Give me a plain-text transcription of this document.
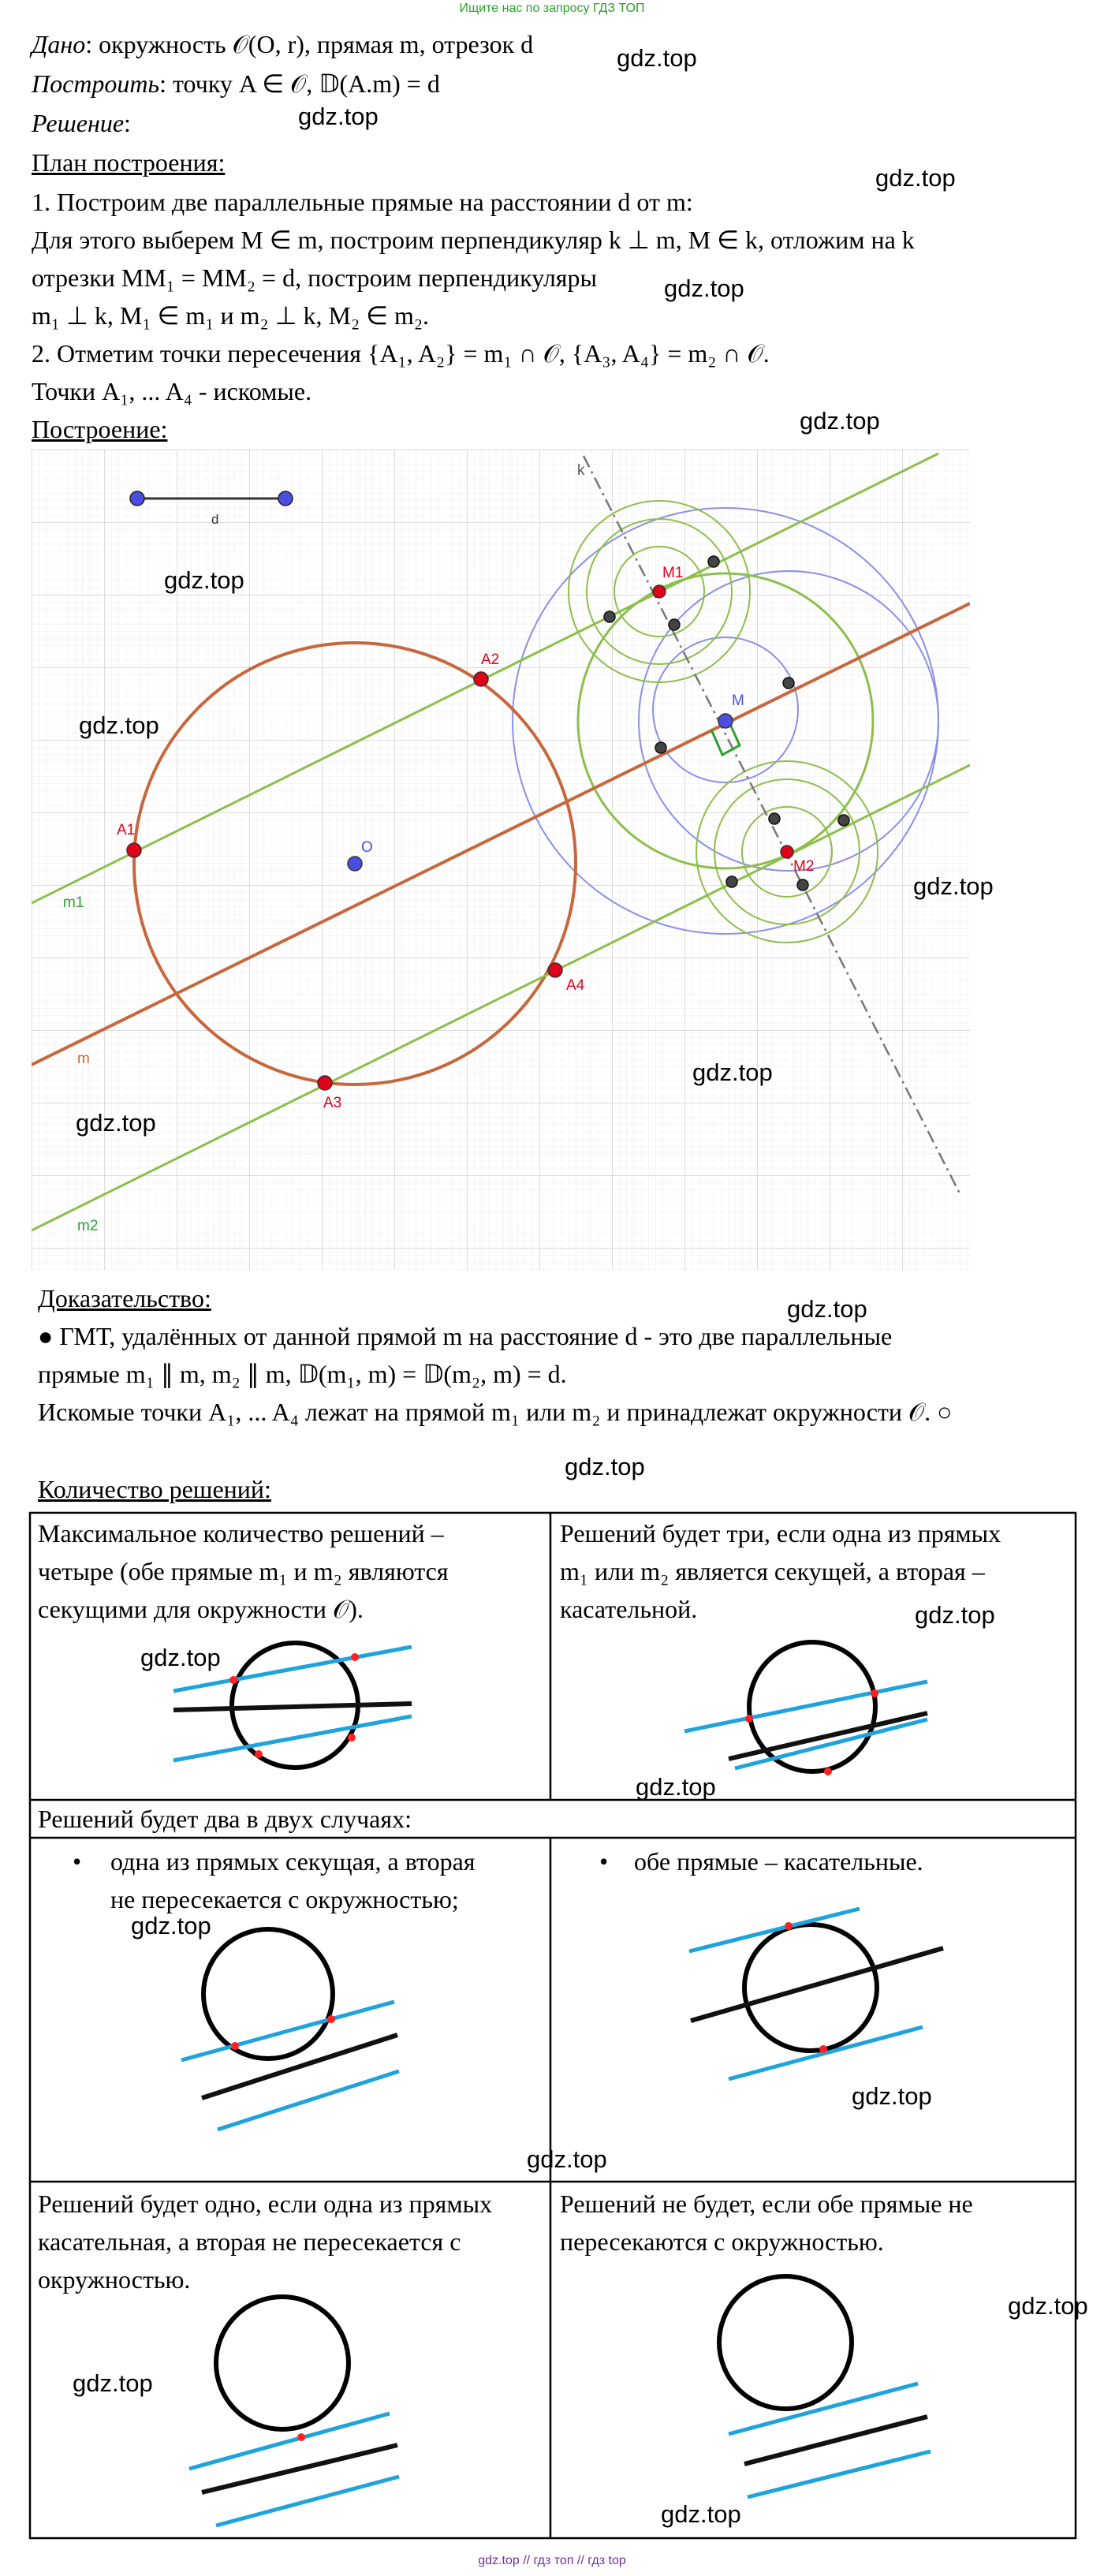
Ищите нас по запросу ГДЗ ТОП
Дано: окружность 𝒪(O, r), прямая m, отрезок d
Построить: точку A ∈ 𝒪, 𝔻(A.m) = d
Решение:
План построения:
1. Построим две параллельные прямые на расстоянии d от m:
Для этого выберем M ∈ m, построим перпендикуляр k ⊥ m, M ∈ k, отложим на k
отрезки MM₁ = MM₂ = d, построим перпендикуляры
m₁ ⊥ k, M₁ ∈ m₁ и m₂ ⊥ k, M₂ ∈ m₂.
2. Отметим точки пересечения {A₁, A₂} = m₁ ∩ 𝒪, {A₃, A₄} = m₂ ∩ 𝒪.
Точки A₁, ... A₄ - искомые.
Построение:
d
k
M1
M
M2
O
A1
A2
A3
A4
m
m1
m2
Доказательство:
● ГМТ, удалённых от данной прямой m на расстояние d - это две параллельные
прямые m₁ ∥ m, m₂ ∥ m, 𝔻(m₁, m) = 𝔻(m₂, m) = d.
Искомые точки A₁, ... A₄ лежат на прямой m₁ или m₂ и принадлежат окружности 𝒪. ○
Количество решений:
Максимальное количество решений –
четыре (обе прямые m₁ и m₂ являются
секущими для окружности 𝒪).
Решений будет три, если одна из прямых
m₁ или m₂ является секущей, а вторая –
касательной.
Решений будет два в двух случаях:
• одна из прямых секущая, а вторая
не пересекается с окружностью;
• обе прямые – касательные.
Решений будет одно, если одна из прямых
касательная, а вторая не пересекается с
окружностью.
Решений не будет, если обе прямые не
пересекаются с окружностью.
gdz.top
gdz.top
gdz.top
gdz.top
gdz.top
gdz.top
gdz.top
gdz.top
gdz.top
gdz.top
gdz.top
gdz.top
gdz.top
gdz.top
gdz.top
gdz.top
gdz.top
gdz.top
gdz.top
gdz.top
gdz.top
gdz.top // гдз топ // гдз top
